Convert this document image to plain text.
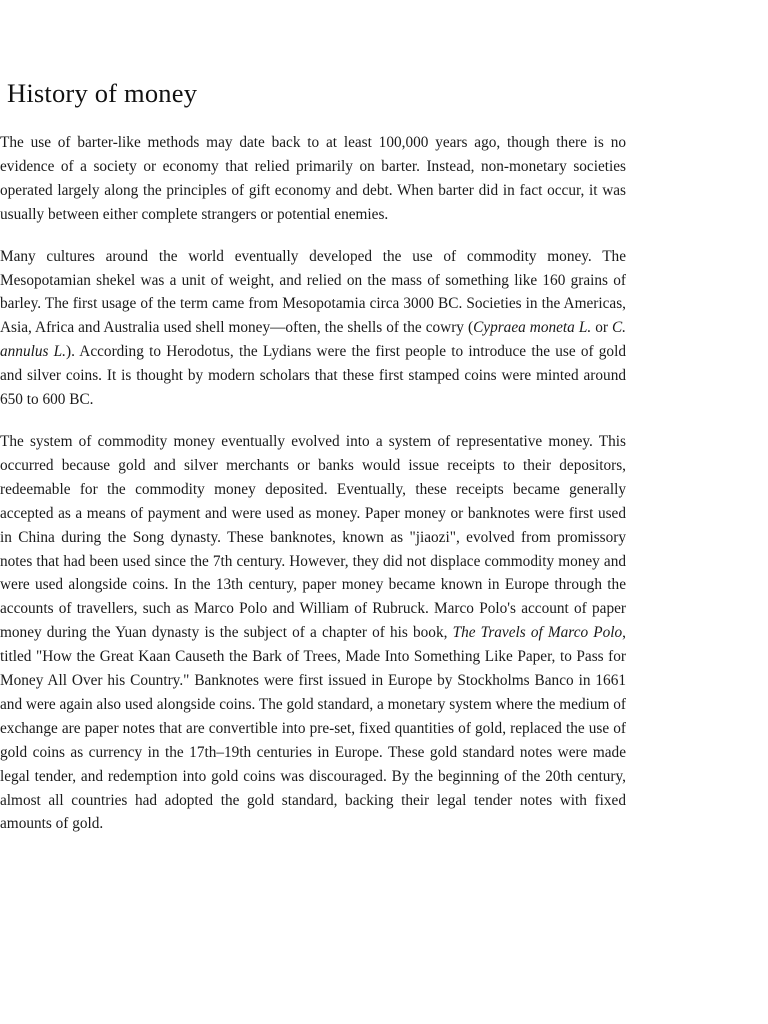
History of money

The use of barter-like methods may date back to at least 100,000 years ago, though there is no evidence of a society or economy that relied primarily on barter. Instead, non-monetary societies operated largely along the principles of gift economy and debt. When barter did in fact occur, it was usually between either complete strangers or potential enemies.

Many cultures around the world eventually developed the use of commodity money. The Mesopotamian shekel was a unit of weight, and relied on the mass of something like 160 grains of barley. The first usage of the term came from Mesopotamia circa 3000 BC. Societies in the Americas, Asia, Africa and Australia used shell money—often, the shells of the cowry (Cypraea moneta L. or C. annulus L.). According to Herodotus, the Lydians were the first people to introduce the use of gold and silver coins. It is thought by modern scholars that these first stamped coins were minted around 650 to 600 BC.

The system of commodity money eventually evolved into a system of representative money. This occurred because gold and silver merchants or banks would issue receipts to their depositors, redeemable for the commodity money deposited. Eventually, these receipts became generally accepted as a means of payment and were used as money. Paper money or banknotes were first used in China during the Song dynasty. These banknotes, known as "jiaozi", evolved from promissory notes that had been used since the 7th century. However, they did not displace commodity money and were used alongside coins. In the 13th century, paper money became known in Europe through the accounts of travellers, such as Marco Polo and William of Rubruck. Marco Polo's account of paper money during the Yuan dynasty is the subject of a chapter of his book, The Travels of Marco Polo, titled "How the Great Kaan Causeth the Bark of Trees, Made Into Something Like Paper, to Pass for Money All Over his Country." Banknotes were first issued in Europe by Stockholms Banco in 1661 and were again also used alongside coins. The gold standard, a monetary system where the medium of exchange are paper notes that are convertible into pre-set, fixed quantities of gold, replaced the use of gold coins as currency in the 17th–19th centuries in Europe. These gold standard notes were made legal tender, and redemption into gold coins was discouraged. By the beginning of the 20th century, almost all countries had adopted the gold standard, backing their legal tender notes with fixed amounts of gold.
